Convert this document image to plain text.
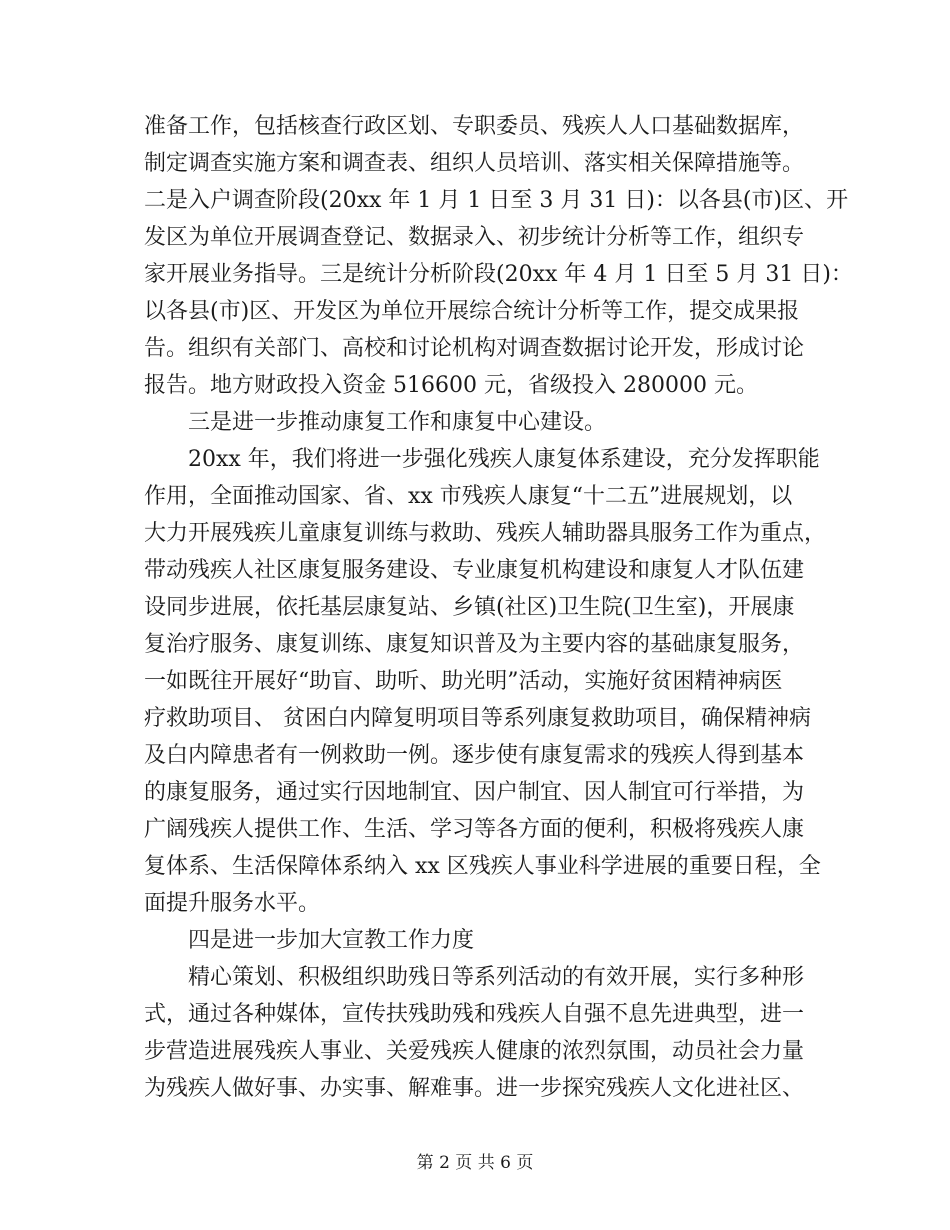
准备工作，包括核查行政区划、专职委员、残疾人人口基础数据库，
制定调查实施方案和调查表、组织人员培训、落实相关保障措施等。
二是入户调查阶段(20xx 年 1 月 1 日至 3 月 31 日)：以各县(市)区、开
发区为单位开展调查登记、数据录入、初步统计分析等工作，组织专
家开展业务指导。三是统计分析阶段(20xx 年 4 月 1 日至 5 月 31 日)：
以各县(市)区、开发区为单位开展综合统计分析等工作，提交成果报
告。组织有关部门、高校和讨论机构对调查数据讨论开发，形成讨论
报告。地方财政投入资金 516600 元，省级投入 280000 元。
三是进一步推动康复工作和康复中心建设。
20xx 年，我们将进一步强化残疾人康复体系建设，充分发挥职能
作用，全面推动国家、省、xx 市残疾人康复“十二五”进展规划，以
大力开展残疾儿童康复训练与救助、残疾人辅助器具服务工作为重点，
带动残疾人社区康复服务建设、专业康复机构建设和康复人才队伍建
设同步进展，依托基层康复站、乡镇(社区)卫生院(卫生室)，开展康
复治疗服务、康复训练、康复知识普及为主要内容的基础康复服务，
一如既往开展好“助盲、助听、助光明”活动，实施好贫困精神病医
疗救助项目、 贫困白内障复明项目等系列康复救助项目，确保精神病
及白内障患者有一例救助一例。逐步使有康复需求的残疾人得到基本
的康复服务，通过实行因地制宜、因户制宜、因人制宜可行举措，为
广阔残疾人提供工作、生活、学习等各方面的便利，积极将残疾人康
复体系、生活保障体系纳入 xx 区残疾人事业科学进展的重要日程，全
面提升服务水平。
四是进一步加大宣教工作力度
精心策划、积极组织助残日等系列活动的有效开展，实行多种形
式，通过各种媒体，宣传扶残助残和残疾人自强不息先进典型，进一
步营造进展残疾人事业、关爱残疾人健康的浓烈氛围，动员社会力量
为残疾人做好事、办实事、解难事。进一步探究残疾人文化进社区、
第 2 页 共 6 页
